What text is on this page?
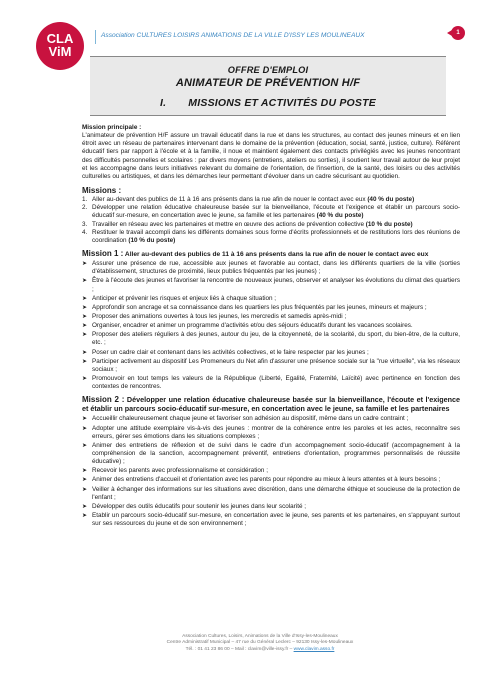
CLA
ViM
Association CULTURES LOISIRS ANIMATIONS DE LA VILLE D'ISSY LES MOULINEAUX	1
OFFRE D'EMPLOI
ANIMATEUR DE PRÉVENTION H/F
I. MISSIONS ET ACTIVITÉS DU POSTE
Mission principale :
L'animateur de prévention H/F assure un travail éducatif dans la rue et dans les structures, au contact des jeunes mineurs et en lien étroit avec un réseau de partenaires intervenant dans le domaine de la prévention (éducation, social, santé, justice, culture). Référent éducatif tiers par rapport à l'école et à la famille, il noue et maintient également des contacts privilégiés avec les jeunes rencontrant des difficultés personnelles et scolaires : par divers moyens (entretiens, ateliers ou sorties), il soutient leur travail autour de leur projet et les accompagne dans leurs initiatives relevant du domaine de l'orientation, de l'insertion, de la santé, des loisirs ou des activités culturelles ou artistiques, et dans les démarches leur permettant d'évoluer dans un cadre sécurisant au quotidien.
Missions :
1. Aller au-devant des publics de 11 à 16 ans présents dans la rue afin de nouer le contact avec eux (40 % du poste)
2. Développer une relation éducative chaleureuse basée sur la bienveillance, l'écoute et l'exigence et établir un parcours socio-éducatif sur-mesure, en concertation avec le jeune, sa famille et les partenaires (40 % du poste)
3. Travailler en réseau avec les partenaires et mettre en œuvre des actions de prévention collective (10 % du poste)
4. Restituer le travail accompli dans les différents domaines sous forme d'écrits professionnels et de restitutions lors des réunions de coordination (10 % du poste)
Mission 1 : Aller au-devant des publics de 11 à 16 ans présents dans la rue afin de nouer le contact avec eux
➤ Assurer une présence de rue, accessible aux jeunes et favorable au contact, dans les différents quartiers de la ville (sorties d'établissement, structures de proximité, lieux publics fréquentés par les jeunes) ;
➤ Être à l'écoute des jeunes et favoriser la rencontre de nouveaux jeunes, observer et analyser les évolutions du climat des quartiers ;
➤ Anticiper et prévenir les risques et enjeux liés à chaque situation ;
➤ Approfondir son ancrage et sa connaissance dans les quartiers les plus fréquentés par les jeunes, mineurs et majeurs ;
➤ Proposer des animations ouvertes à tous les jeunes, les mercredis et samedis après-midi ;
➤ Organiser, encadrer et animer un programme d'activités et/ou des séjours éducatifs durant les vacances scolaires.
➤ Proposer des ateliers réguliers à des jeunes, autour du jeu, de la citoyenneté, de la scolarité, du sport, du bien-être, de la culture, etc. ;
➤ Poser un cadre clair et contenant dans les activités collectives, et le faire respecter par les jeunes ;
➤ Participer activement au dispositif Les Promeneurs du Net afin d'assurer une présence sociale sur la "rue virtuelle", via les réseaux sociaux ;
➤ Promouvoir en tout temps les valeurs de la République (Liberté, Egalité, Fraternité, Laïcité) avec pertinence en fonction des contextes de rencontres.
Mission 2 : Développer une relation éducative chaleureuse basée sur la bienveillance, l'écoute et l'exigence et établir un parcours socio-éducatif sur-mesure, en concertation avec le jeune, sa famille et les partenaires
➤ Accueillir chaleureusement chaque jeune et favoriser son adhésion au dispositif, même dans un cadre contraint ;
➤ Adopter une attitude exemplaire vis-à-vis des jeunes : montrer de la cohérence entre les paroles et les actes, reconnaître ses erreurs, gérer ses émotions dans les situations complexes ;
➤ Animer des entretiens de réflexion et de suivi dans le cadre d'un accompagnement socio-éducatif (accompagnement à la compréhension de la sanction, accompagnement préventif, entretiens d'orientation, programmes personnalisés de réussite éducative) ;
➤ Recevoir les parents avec professionnalisme et considération ;
➤ Animer des entretiens d'accueil et d'orientation avec les parents pour répondre au mieux à leurs attentes et à leurs besoins ;
➤ Veiller à échanger des informations sur les situations avec discrétion, dans une démarche éthique et soucieuse de la protection de l'enfant ;
➤ Développer des outils éducatifs pour soutenir les jeunes dans leur scolarité ;
➤ Etablir un parcours socio-éducatif sur-mesure, en concertation avec le jeune, ses parents et les partenaires, en s'appuyant surtout sur ses ressources du jeune et de son environnement ;
Association Cultures, Loisirs, Animations de la Ville d'Issy-les-Moulineaux
Centre Administratif Municipal – 47 rue du Général Leclerc – 92130 Issy-les-Moulineaux
Tél. : 01 41 23 86 00 – Mail : clavim@ville-issy.fr – www.clavim.asso.fr
